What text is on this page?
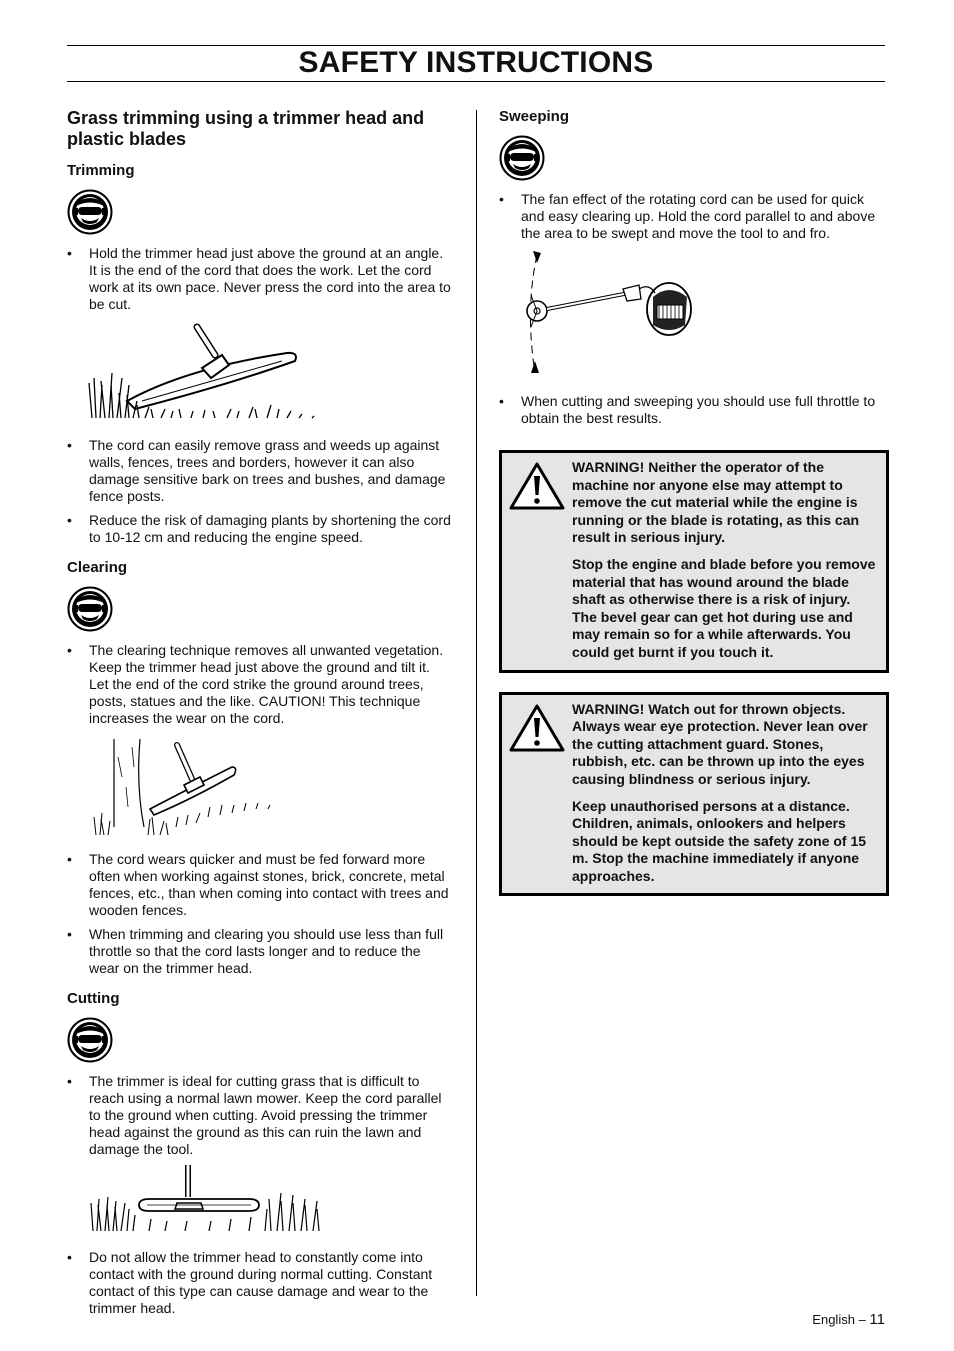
SAFETY INSTRUCTIONS
Grass trimming using a trimmer head and plastic blades
Trimming
• Hold the trimmer head just above the ground at an angle. It is the end of the cord that does the work. Let the cord work at its own pace. Never press the cord into the area to be cut.
• The cord can easily remove grass and weeds up against walls, fences, trees and borders, however it can also damage sensitive bark on trees and bushes, and damage fence posts.
• Reduce the risk of damaging plants by shortening the cord to 10-12 cm and reducing the engine speed.
Clearing
• The clearing technique removes all unwanted vegetation. Keep the trimmer head just above the ground and tilt it. Let the end of the cord strike the ground around trees, posts, statues and the like. CAUTION! This technique increases the wear on the cord.
• The cord wears quicker and must be fed forward more often when working against stones, brick, concrete, metal fences, etc., than when coming into contact with trees and wooden fences.
• When trimming and clearing you should use less than full throttle so that the cord lasts longer and to reduce the wear on the trimmer head.
Cutting
• The trimmer is ideal for cutting grass that is difficult to reach using a normal lawn mower. Keep the cord parallel to the ground when cutting. Avoid pressing the trimmer head against the ground as this can ruin the lawn and damage the tool.
• Do not allow the trimmer head to constantly come into contact with the ground during normal cutting. Constant contact of this type can cause damage and wear to the trimmer head.
Sweeping
• The fan effect of the rotating cord can be used for quick and easy clearing up. Hold the cord parallel to and above the area to be swept and move the tool to and fro.
• When cutting and sweeping you should use full throttle to obtain the best results.

WARNING! Neither the operator of the machine nor anyone else may attempt to remove the cut material while the engine is running or the blade is rotating, as this can result in serious injury.

Stop the engine and blade before you remove material that has wound around the blade shaft as otherwise there is a risk of injury. The bevel gear can get hot during use and may remain so for a while afterwards. You could get burnt if you touch it.

WARNING! Watch out for thrown objects. Always wear eye protection. Never lean over the cutting attachment guard. Stones, rubbish, etc. can be thrown up into the eyes causing blindness or serious injury.

Keep unauthorised persons at a distance. Children, animals, onlookers and helpers should be kept outside the safety zone of 15 m. Stop the machine immediately if anyone approaches.

English – 11
